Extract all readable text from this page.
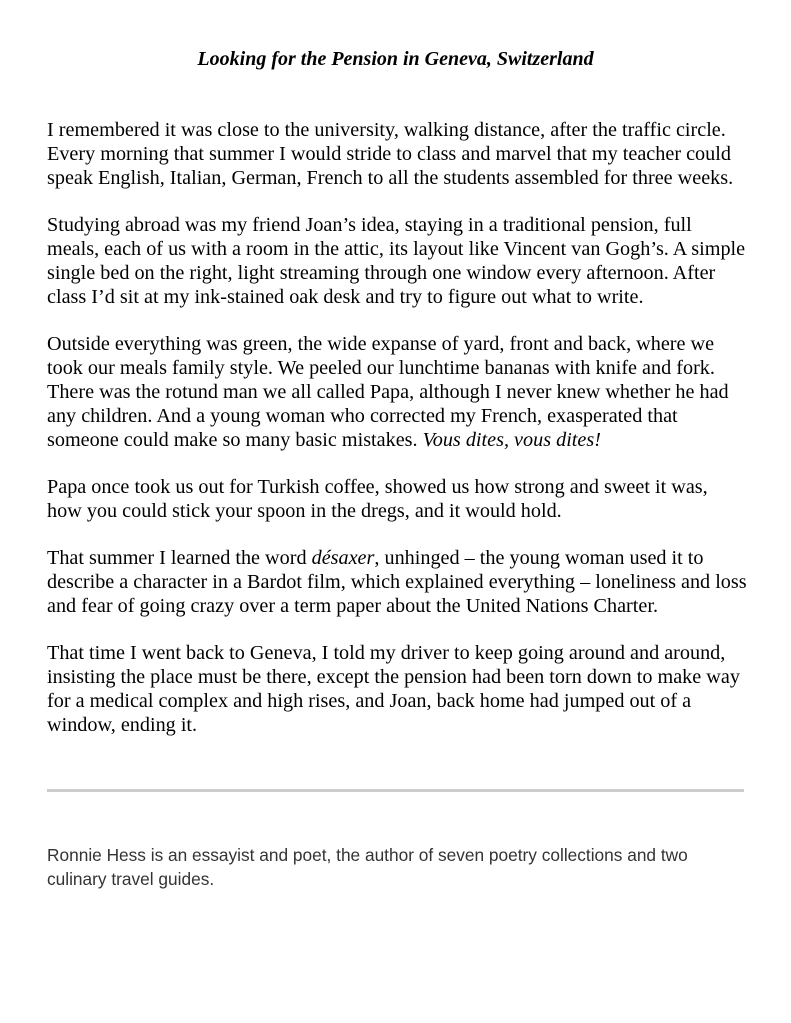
Looking for the Pension in Geneva, Switzerland

I remembered it was close to the university, walking distance, after the traffic circle. Every morning that summer I would stride to class and marvel that my teacher could speak English, Italian, German, French to all the students assembled for three weeks.

Studying abroad was my friend Joan’s idea, staying in a traditional pension, full meals, each of us with a room in the attic, its layout like Vincent van Gogh’s. A simple single bed on the right, light streaming through one window every afternoon. After class I’d sit at my ink-stained oak desk and try to figure out what to write.

Outside everything was green, the wide expanse of yard, front and back, where we took our meals family style. We peeled our lunchtime bananas with knife and fork. There was the rotund man we all called Papa, although I never knew whether he had any children. And a young woman who corrected my French, exasperated that someone could make so many basic mistakes. Vous dites, vous dites!

Papa once took us out for Turkish coffee, showed us how strong and sweet it was, how you could stick your spoon in the dregs, and it would hold.

That summer I learned the word désaxer, unhinged – the young woman used it to describe a character in a Bardot film, which explained everything – loneliness and loss and fear of going crazy over a term paper about the United Nations Charter.

That time I went back to Geneva, I told my driver to keep going around and around, insisting the place must be there, except the pension had been torn down to make way for a medical complex and high rises, and Joan, back home had jumped out of a window, ending it.

Ronnie Hess is an essayist and poet, the author of seven poetry collections and two culinary travel guides.
